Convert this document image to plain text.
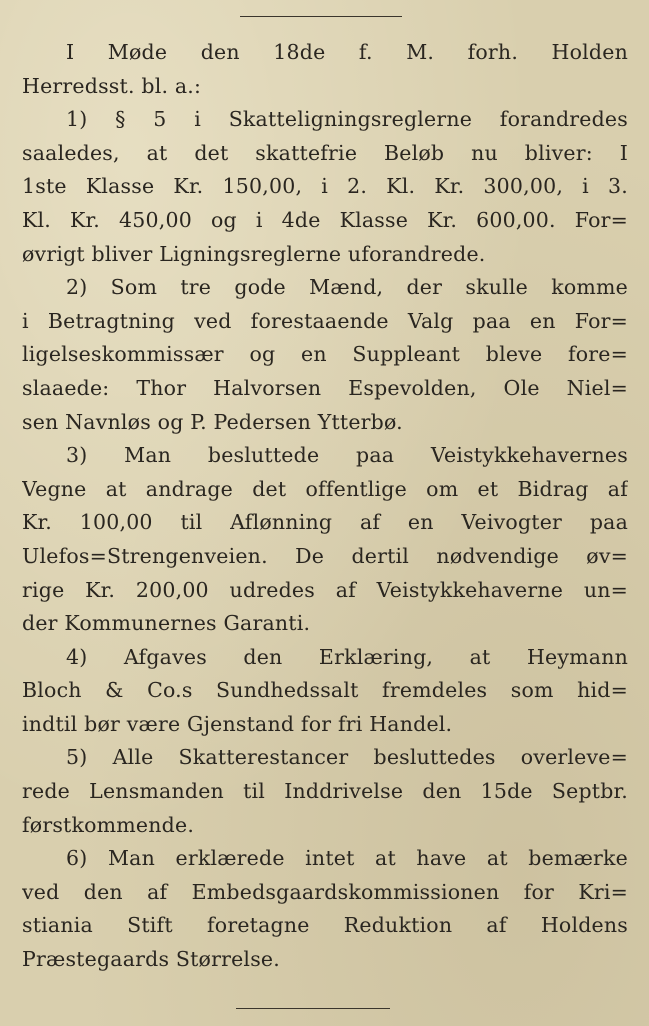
I Møde den 18de f. M. forh. Holden
Herredsst. bl. a.:
1) § 5 i Skatteligningsreglerne forandredes
saaledes, at det skattefrie Beløb nu bliver: I
1ste Klasse Kr. 150,00, i 2. Kl. Kr. 300,00, i 3.
Kl. Kr. 450,00 og i 4de Klasse Kr. 600,00. For=
øvrigt bliver Ligningsreglerne uforandrede.
2) Som tre gode Mænd, der skulle komme
i Betragtning ved forestaaende Valg paa en For=
ligelseskommissær og en Suppleant bleve fore=
slaaede: Thor Halvorsen Espevolden, Ole Niel=
sen Navnløs og P. Pedersen Ytterbø.
3) Man besluttede paa Veistykkehavernes
Vegne at andrage det offentlige om et Bidrag af
Kr. 100,00 til Aflønning af en Veivogter paa
Ulefos=Strengenveien. De dertil nødvendige øv=
rige Kr. 200,00 udredes af Veistykkehaverne un=
der Kommunernes Garanti.
4) Afgaves den Erklæring, at Heymann
Bloch & Co.s Sundhedssalt fremdeles som hid=
indtil bør være Gjenstand for fri Handel.
5) Alle Skatterestancer besluttedes overleve=
rede Lensmanden til Inddrivelse den 15de Septbr.
førstkommende.
6) Man erklærede intet at have at bemærke
ved den af Embedsgaardskommissionen for Kri=
stiania Stift foretagne Reduktion af Holdens
Præstegaards Størrelse.
